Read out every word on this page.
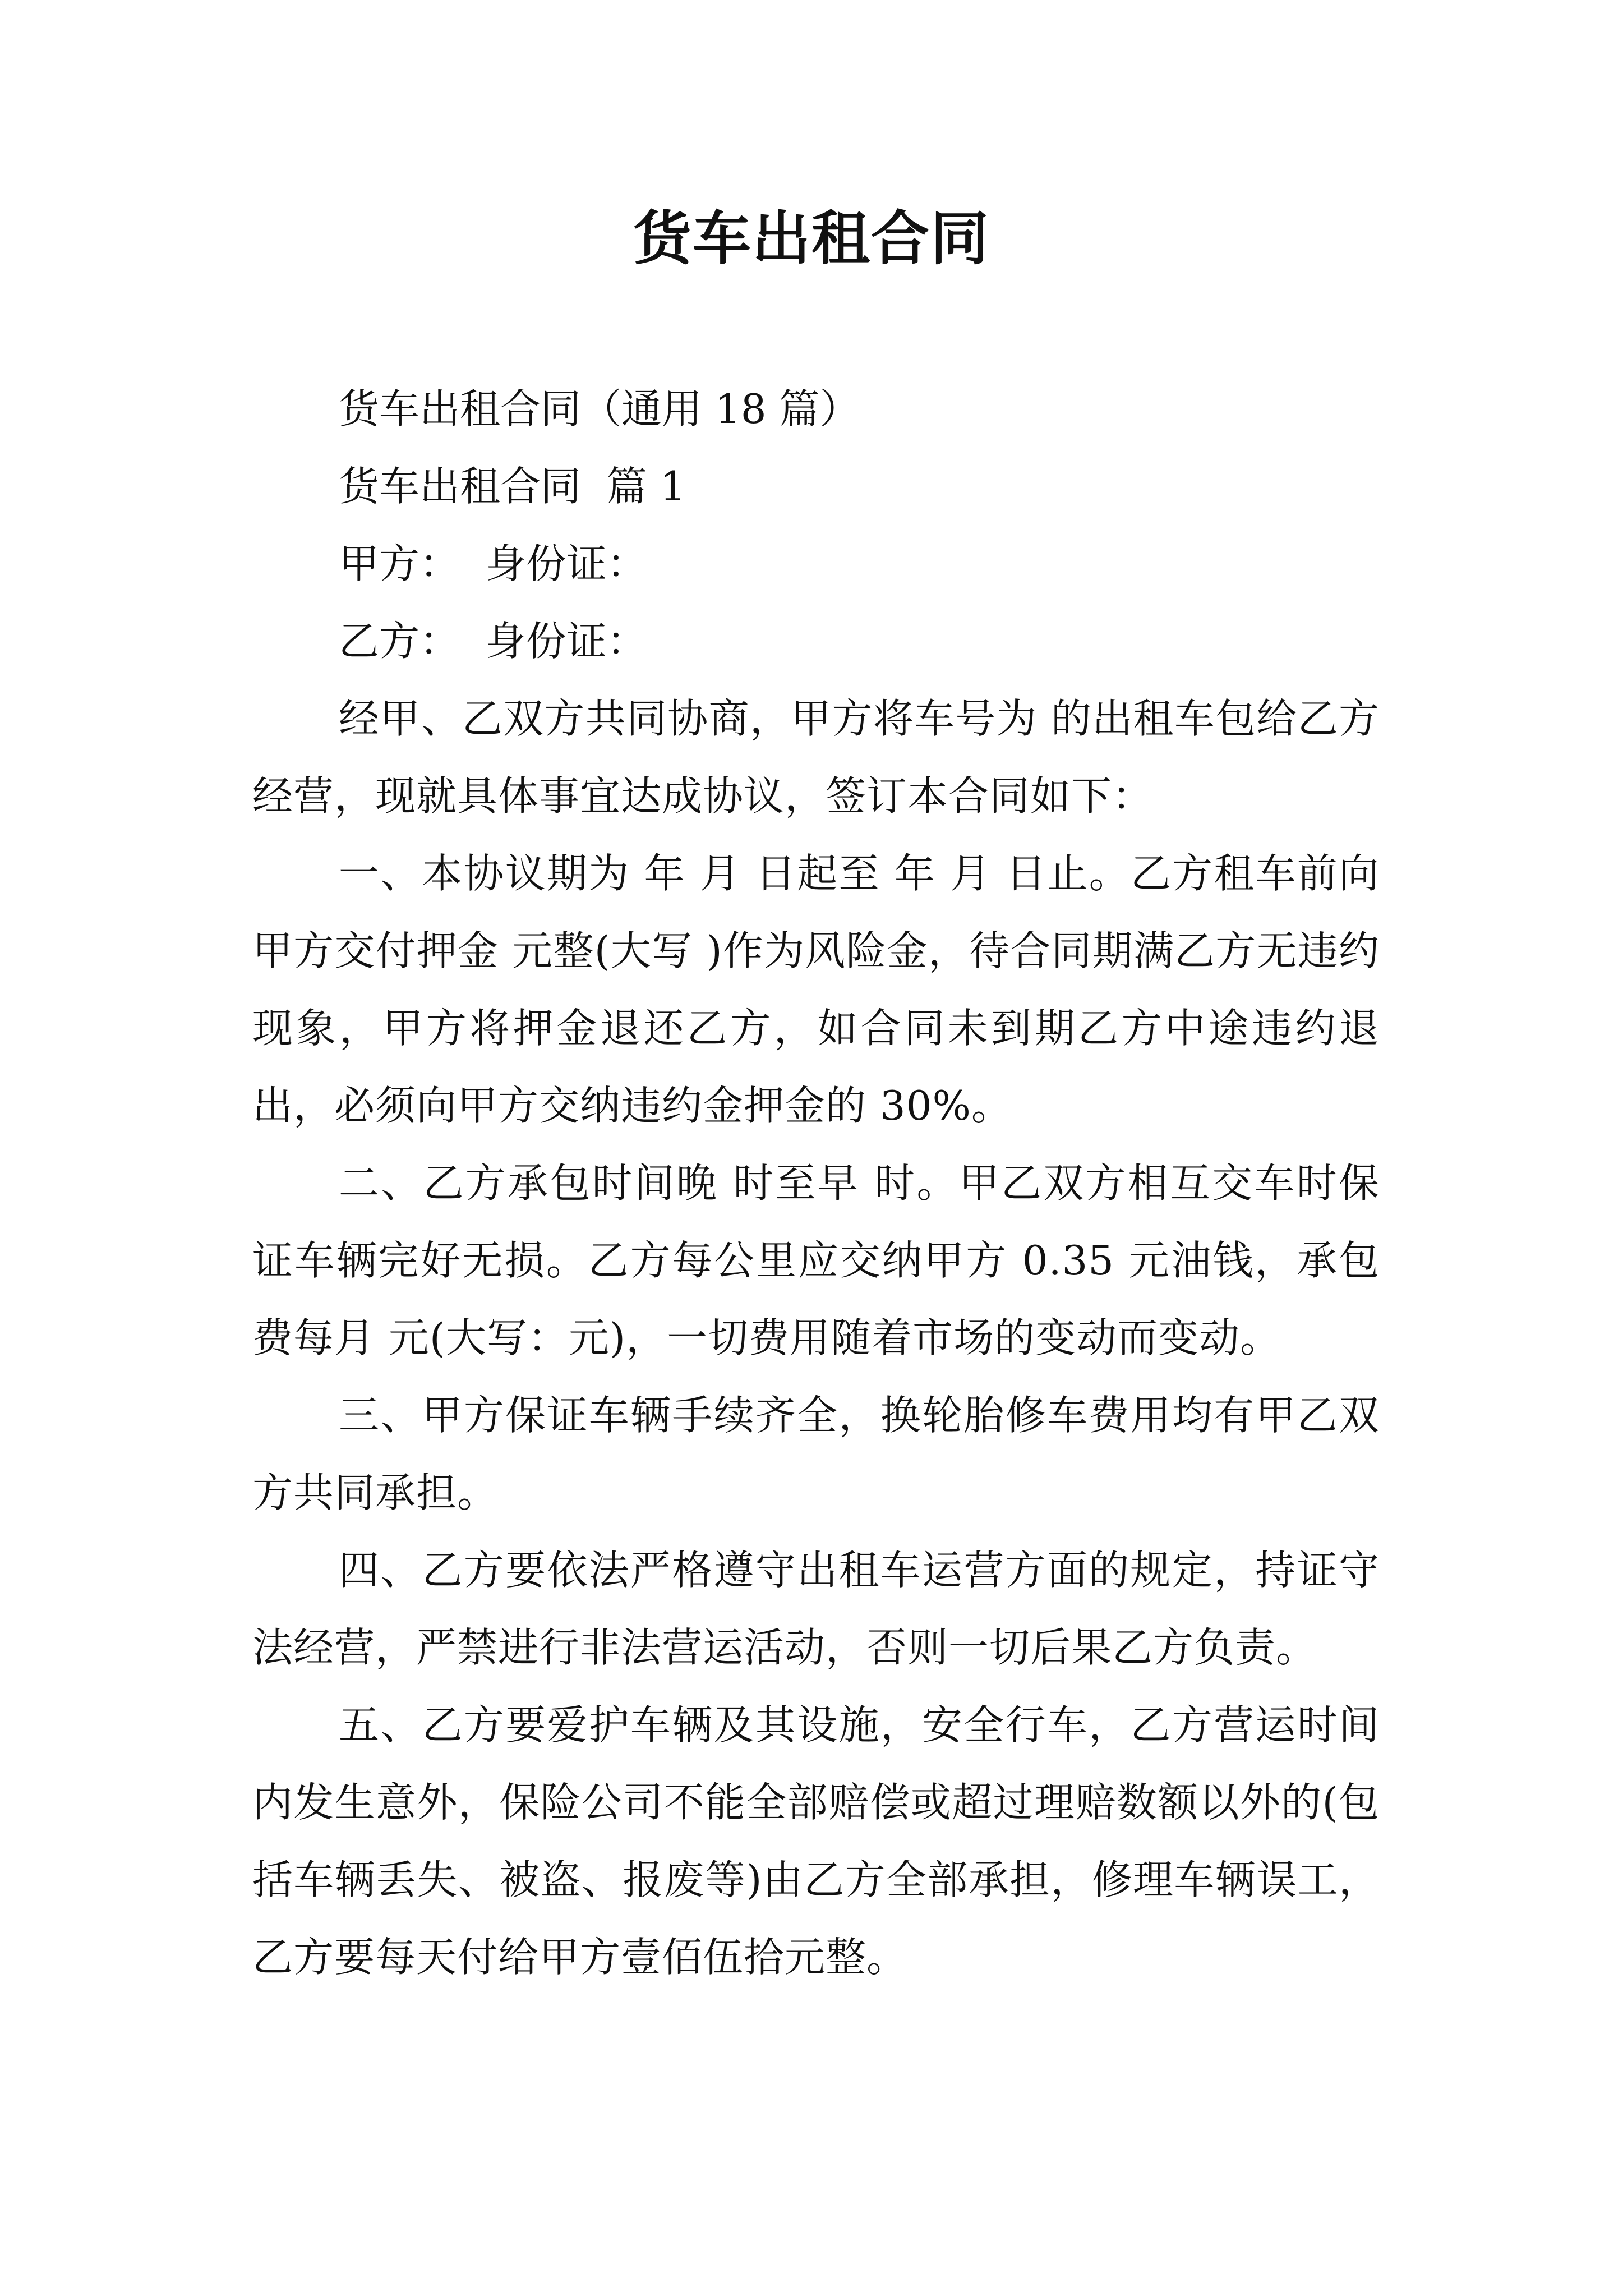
货车出租合同

货车出租合同（通用 18 篇）

货车出租合同  篇 1

甲方：  身份证：

乙方：  身份证：

经甲、乙双方共同协商，甲方将车号为 的出租车包给乙方经营，现就具体事宜达成协议，签订本合同如下：

一、本协议期为 年 月 日起至 年 月 日止。乙方租车前向甲方交付押金 元整(大写 )作为风险金，待合同期满乙方无违约现象，甲方将押金退还乙方，如合同未到期乙方中途违约退出，必须向甲方交纳违约金押金的 30%。

二、乙方承包时间晚 时至早 时。甲乙双方相互交车时保证车辆完好无损。乙方每公里应交纳甲方 0.35 元油钱，承包费每月 元(大写：元)，一切费用随着市场的变动而变动。

三、甲方保证车辆手续齐全，换轮胎修车费用均有甲乙双方共同承担。

四、乙方要依法严格遵守出租车运营方面的规定，持证守法经营，严禁进行非法营运活动，否则一切后果乙方负责。

五、乙方要爱护车辆及其设施，安全行车，乙方营运时间内发生意外，保险公司不能全部赔偿或超过理赔数额以外的(包括车辆丢失、被盗、报废等)由乙方全部承担，修理车辆误工，乙方要每天付给甲方壹佰伍拾元整。
